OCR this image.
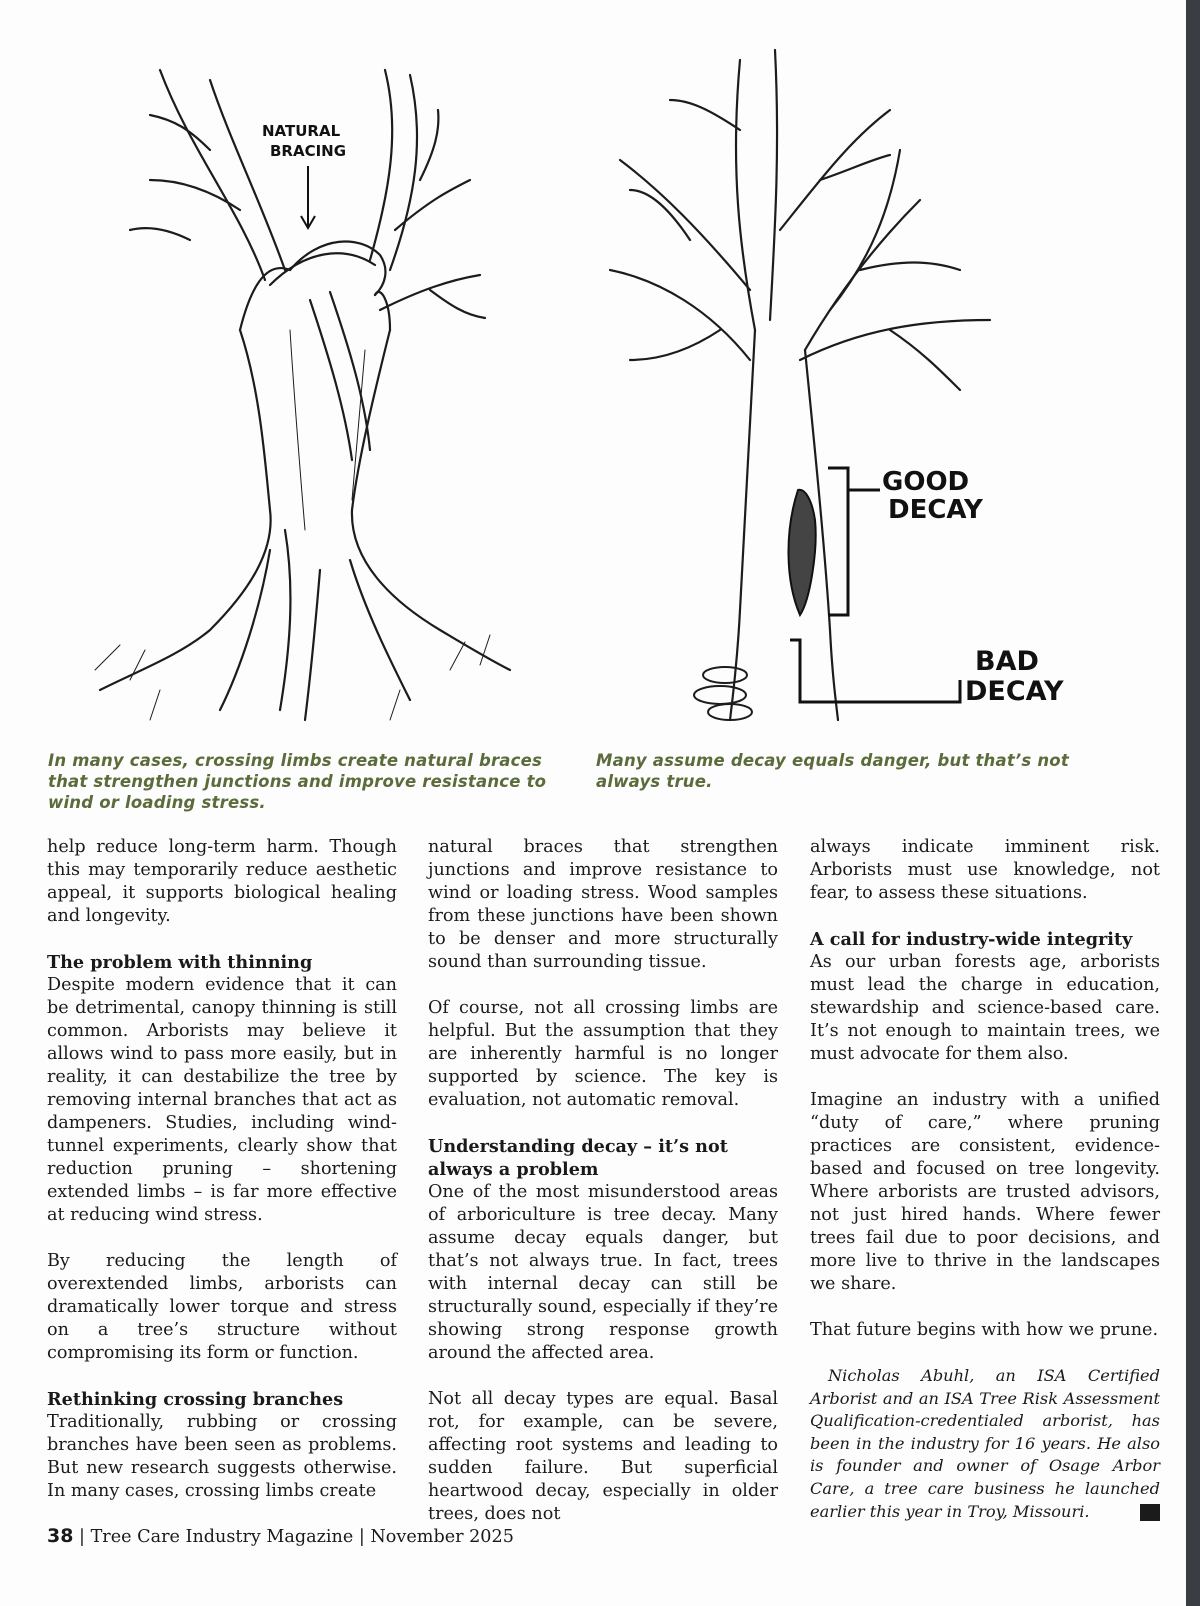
NATURAL
BRACING
GOOD
DECAY
BAD
DECAY
In many cases, crossing limbs create natural braces that strengthen junctions and improve resistance to wind or loading stress.
Many assume decay equals danger, but that’s not always true.

help reduce long-term harm. Though this may temporarily reduce aesthetic appeal, it supports biological healing and longevity.

The problem with thinning

Despite modern evidence that it can be detrimental, canopy thinning is still common. Arborists may believe it allows wind to pass more easily, but in reality, it can destabilize the tree by removing internal branches that act as dampeners. Studies, including wind-tunnel experiments, clearly show that reduction pruning – shortening extended limbs – is far more effective at reducing wind stress.

By reducing the length of overextended limbs, arborists can dramatically lower torque and stress on a tree’s structure without compromising its form or function.

Rethinking crossing branches

Traditionally, rubbing or crossing branches have been seen as problems. But new research suggests otherwise. In many cases, crossing limbs create

natural braces that strengthen junctions and improve resistance to wind or loading stress. Wood samples from these junctions have been shown to be denser and more structurally sound than surrounding tissue.

Of course, not all crossing limbs are helpful. But the assumption that they are inherently harmful is no longer supported by science. The key is evaluation, not automatic removal.

Understanding decay – it’s not always a problem

One of the most misunderstood areas of arboriculture is tree decay. Many assume decay equals danger, but that’s not always true. In fact, trees with internal decay can still be structurally sound, especially if they’re showing strong response growth around the affected area.

Not all decay types are equal. Basal rot, for example, can be severe, affecting root systems and leading to sudden failure. But superficial heartwood decay, especially in older trees, does not

always indicate imminent risk. Arborists must use knowledge, not fear, to assess these situations.

A call for industry-wide integrity

As our urban forests age, arborists must lead the charge in education, stewardship and science-based care. It’s not enough to maintain trees, we must advocate for them also.

Imagine an industry with a unified “duty of care,” where pruning practices are consistent, evidence-based and focused on tree longevity. Where arborists are trusted advisors, not just hired hands. Where fewer trees fail due to poor decisions, and more live to thrive in the landscapes we share.

That future begins with how we prune.

Nicholas Abuhl, an ISA Certified Arborist and an ISA Tree Risk Assessment Qualification-credentialed arborist, has been in the industry for 16 years. He also is founder and owner of Osage Arbor Care, a tree care business he launched earlier this year in Troy, Missouri.

38 | Tree Care Industry Magazine | November 2025
